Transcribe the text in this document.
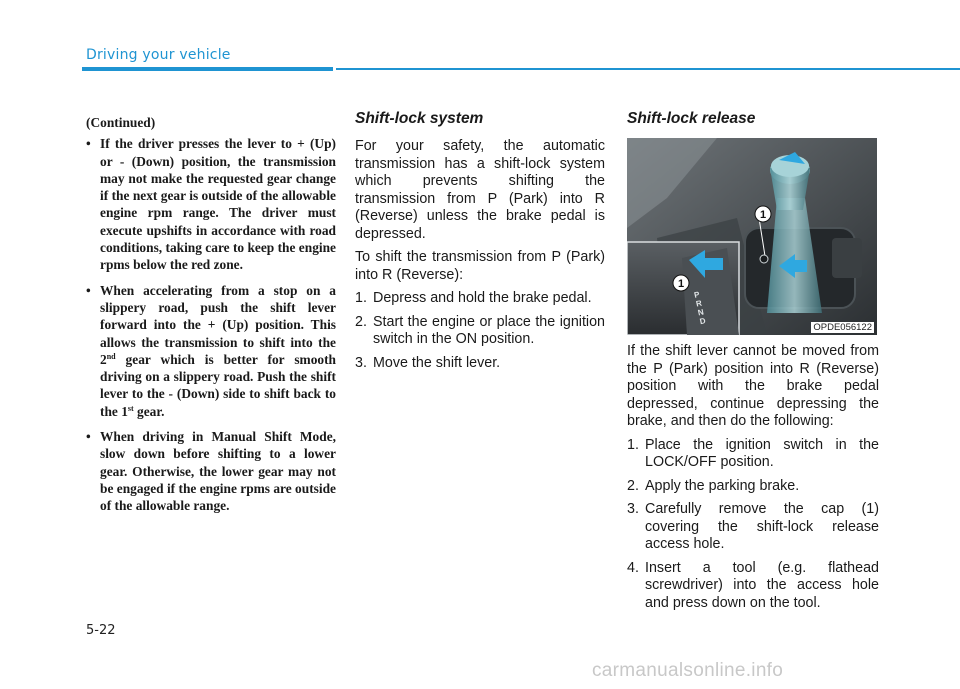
Driving your vehicle

(Continued)

• If the driver presses the lever to + (Up) or - (Down) position, the transmission may not make the requested gear change if the next gear is outside of the allowable engine rpm range. The driver must execute upshifts in accordance with road conditions, taking care to keep the engine rpms below the red zone.
• When accelerating from a stop on a slippery road, push the shift lever forward into the + (Up) position. This allows the transmission to shift into the 2nd gear which is better for smooth driving on a slippery road. Push the shift lever to the - (Down) side to shift back to the 1st gear.
• When driving in Manual Shift Mode, slow down before shifting to a lower gear. Otherwise, the lower gear may not be engaged if the engine rpms are outside of the allowable range.
Shift-lock system

For your safety, the automatic transmission has a shift-lock system which prevents shifting the transmission from P (Park) into R (Reverse) unless the brake pedal is depressed.

To shift the transmission from P (Park) into R (Reverse):

1. Depress and hold the brake pedal.
2. Start the engine or place the ignition switch in the ON position.
3. Move the shift lever.
Shift-lock release
1
1
P
R
N
D
OPDE056122

If the shift lever cannot be moved from the P (Park) position into R (Reverse) position with the brake pedal depressed, continue depressing the brake, and then do the following:

1. Place the ignition switch in the LOCK/OFF position.
2. Apply the parking brake.
3. Carefully remove the cap (1) covering the shift-lock release access hole.
4. Insert a tool (e.g. flathead screwdriver) into the access hole and press down on the tool.
5-22
carmanualsonline.info
